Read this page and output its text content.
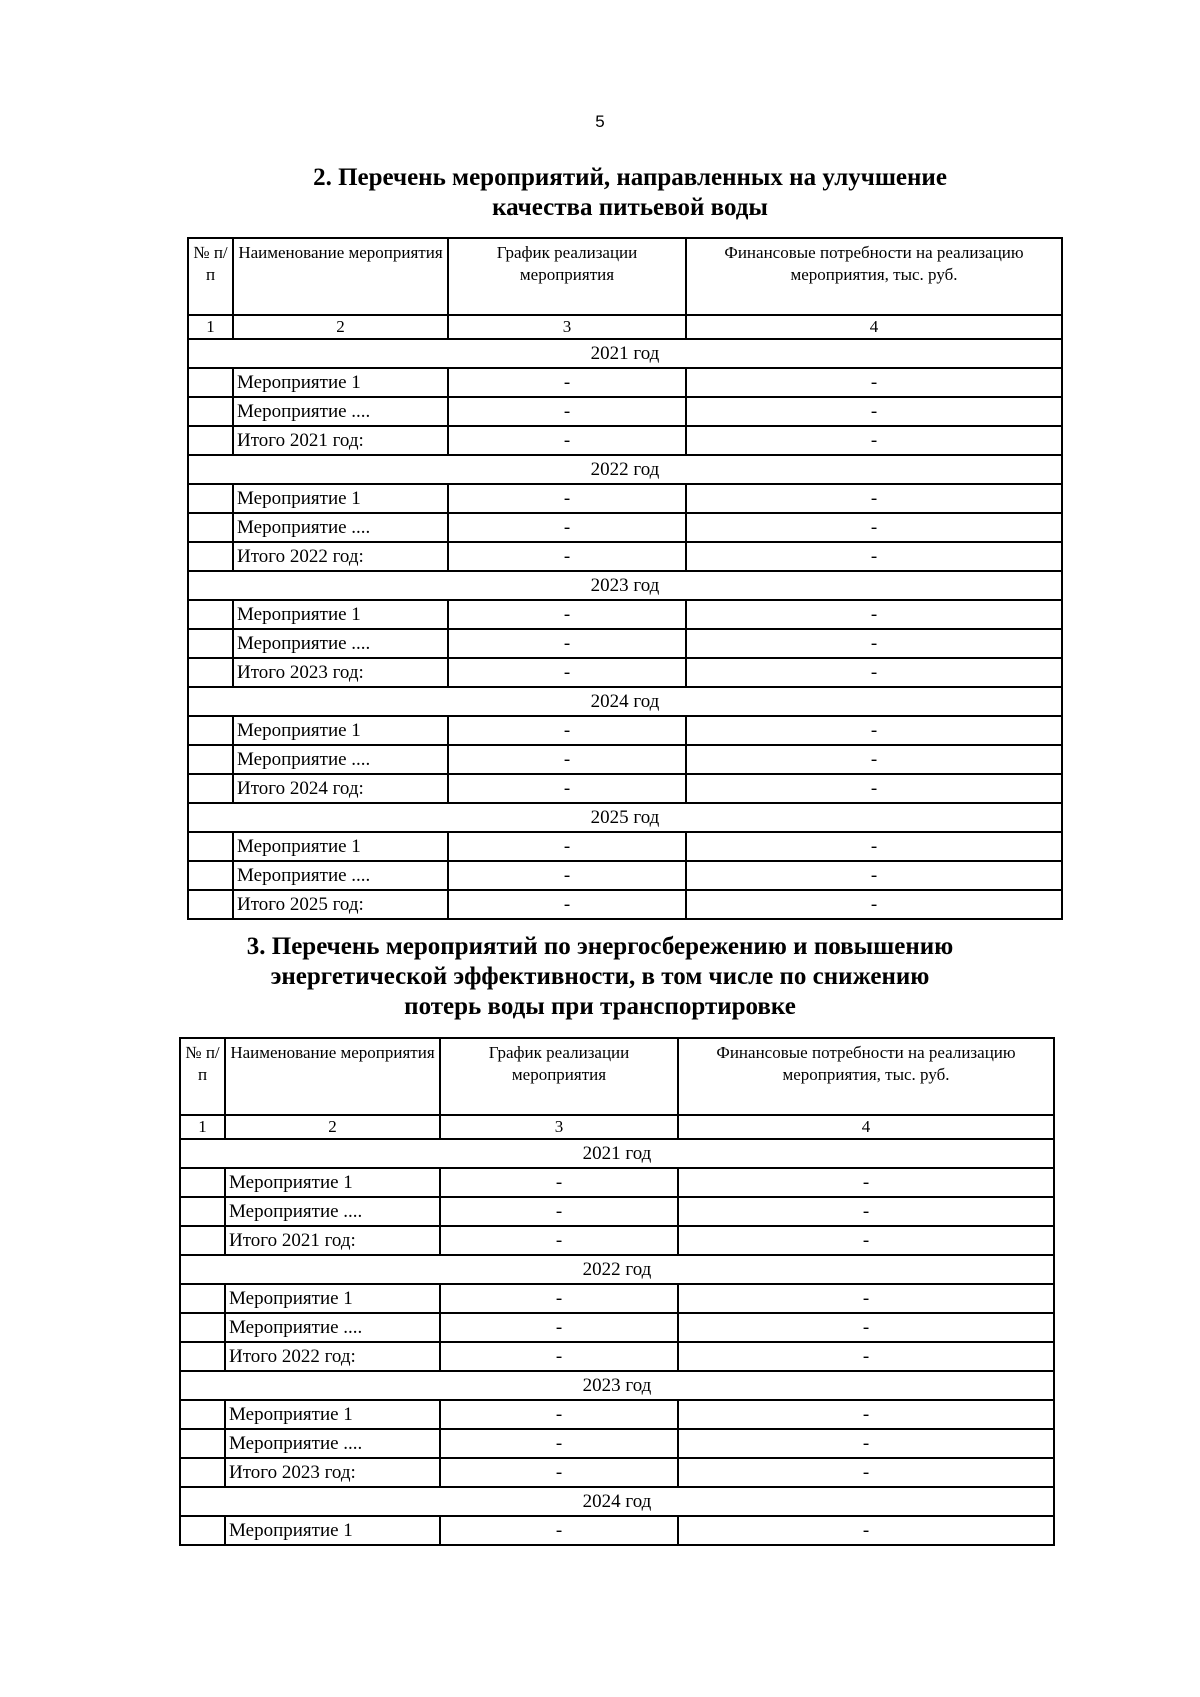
5
2. Перечень мероприятий, направленных на улучшение
качества питьевой воды
№ п/п	Наименование мероприятия	График реализации мероприятия	Финансовые потребности на реализацию мероприятия, тыс. руб.
1	2	3	4
2021 год			
	Мероприятие 1	-	-
	Мероприятие ....	-	-
	Итого 2021 год:	-	-
2022 год			
	Мероприятие 1	-	-
	Мероприятие ....	-	-
	Итого 2022 год:	-	-
2023 год			
	Мероприятие 1	-	-
	Мероприятие ....	-	-
	Итого 2023 год:	-	-
2024 год			
	Мероприятие 1	-	-
	Мероприятие ....	-	-
	Итого 2024 год:	-	-
2025 год			
	Мероприятие 1	-	-
	Мероприятие ....	-	-
	Итого 2025 год:	-	-
3. Перечень мероприятий по энергосбережению и повышению
энергетической эффективности, в том числе по снижению
потерь воды при транспортировке
№ п/п	Наименование мероприятия	График реализации мероприятия	Финансовые потребности на реализацию мероприятия, тыс. руб.
1	2	3	4
2021 год			
	Мероприятие 1	-	-
	Мероприятие ....	-	-
	Итого 2021 год:	-	-
2022 год			
	Мероприятие 1	-	-
	Мероприятие ....	-	-
	Итого 2022 год:	-	-
2023 год			
	Мероприятие 1	-	-
	Мероприятие ....	-	-
	Итого 2023 год:	-	-
2024 год			
	Мероприятие 1	-	-
